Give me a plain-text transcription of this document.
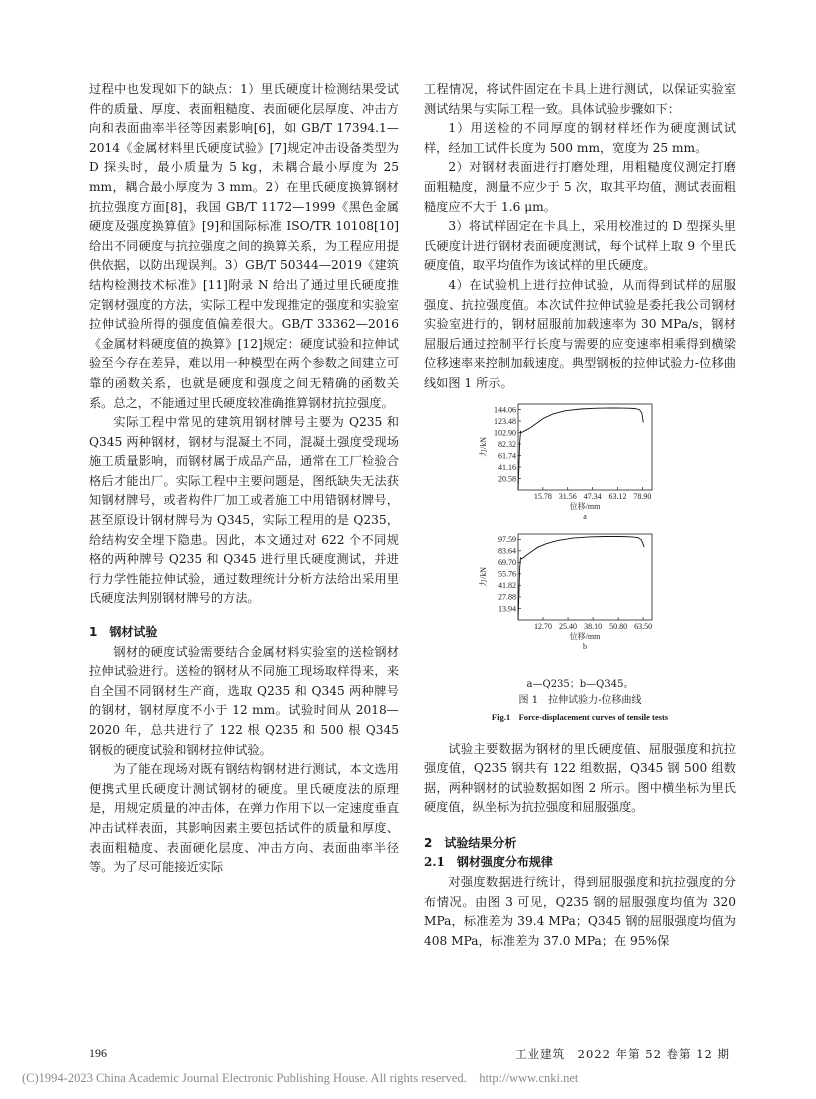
过程中也发现如下的缺点：1）里氏硬度计检测结果受试件的质量、厚度、表面粗糙度、表面硬化层厚度、冲击方向和表面曲率半径等因素影响[6]，如 GB/T 17394.1—2014《金属材料里氏硬度试验》[7]规定冲击设备类型为 D 探头时，最小质量为 5 kg，未耦合最小厚度为 25 mm，耦合最小厚度为 3 mm。2）在里氏硬度换算钢材抗拉强度方面[8]，我国 GB/T 1172—1999《黑色金属硬度及强度换算值》[9]和国际标准 ISO/TR 10108[10]给出不同硬度与抗拉强度之间的换算关系，为工程应用提供依据，以防出现误判。3）GB/T 50344—2019《建筑结构检测技术标准》[11]附录 N 给出了通过里氏硬度推定钢材强度的方法，实际工程中发现推定的强度和实验室拉伸试验所得的强度值偏差很大。GB/T 33362—2016《金属材料硬度值的换算》[12]规定：硬度试验和拉伸试验至今存在差异，难以用一种模型在两个参数之间建立可靠的函数关系，也就是硬度和强度之间无精确的函数关系。总之，不能通过里氏硬度较准确推算钢材抗拉强度。

实际工程中常见的建筑用钢材牌号主要为 Q235 和 Q345 两种钢材，钢材与混凝土不同，混凝土强度受现场施工质量影响，而钢材属于成品产品，通常在工厂检验合格后才能出厂。实际工程中主要问题是，图纸缺失无法获知钢材牌号，或者构件厂加工或者施工中用错钢材牌号，甚至原设计钢材牌号为 Q345，实际工程用的是 Q235，给结构安全埋下隐患。因此，本文通过对 622 个不同规格的两种牌号 Q235 和 Q345 进行里氏硬度测试，并进行力学性能拉伸试验，通过数理统计分析方法给出采用里氏硬度法判别钢材牌号的方法。

1　钢材试验

钢材的硬度试验需要结合金属材料实验室的送检钢材拉伸试验进行。送检的钢材从不同施工现场取样得来，来自全国不同钢材生产商，选取 Q235 和 Q345 两种牌号的钢材，钢材厚度不小于 12 mm。试验时间从 2018—2020 年，总共进行了 122 根 Q235 和 500 根 Q345 钢板的硬度试验和钢材拉伸试验。

为了能在现场对既有钢结构钢材进行测试，本文选用便携式里氏硬度计测试钢材的硬度。里氏硬度法的原理是，用规定质量的冲击体，在弹力作用下以一定速度垂直冲击试样表面，其影响因素主要包括试件的质量和厚度、表面粗糙度、表面硬化层度、冲击方向、表面曲率半径等。为了尽可能接近实际

工程情况，将试件固定在卡具上进行测试，以保证实验室测试结果与实际工程一致。具体试验步骤如下：

1）用送检的不同厚度的钢材样坯作为硬度测试试样，经加工试件长度为 500 mm，宽度为 25 mm。

2）对钢材表面进行打磨处理，用粗糙度仪测定打磨面粗糙度，测量不应少于 5 次，取其平均值，测试表面粗糙度应不大于 1.6 μm。

3）将试样固定在卡具上，采用校准过的 D 型探头里氏硬度计进行钢材表面硬度测试，每个试样上取 9 个里氏硬度值，取平均值作为该试样的里氏硬度。

4）在试验机上进行拉伸试验，从而得到试样的屈服强度、抗拉强度值。本次试件拉伸试验是委托我公司钢材实验室进行的，钢材屈服前加载速率为 30 MPa/s，钢材屈服后通过控制平行长度与需要的应变速率相乘得到横梁位移速率来控制加载速度。典型钢板的拉伸试验力-位移曲线如图 1 所示。

20.58
41.16
61.74
82.32
102.90
123.48
144.06
15.78 31.56 47.34 63.12 78.90
位移/mm
a
力/kN
13.94
27.88
41.82
55.76
69.70
83.64
97.59
12.70 25.40 38.10 50.80 63.50
位移/mm
b
力/kN
a—Q235；b—Q345。
图 1　拉伸试验力-位移曲线
Fig.1　Force-displacement curves of tensile tests

试验主要数据为钢材的里氏硬度值、屈服强度和抗拉强度值，Q235 钢共有 122 组数据，Q345 钢 500 组数据，两种钢材的试验数据如图 2 所示。图中横坐标为里氏硬度值，纵坐标为抗拉强度和屈服强度。

2　试验结果分析

2.1　钢材强度分布规律

对强度数据进行统计，得到屈服强度和抗拉强度的分布情况。由图 3 可见，Q235 钢的屈服强度均值为 320 MPa，标准差为 39.4 MPa；Q345 钢的屈服强度均值为 408 MPa，标准差为 37.0 MPa；在 95%保

196	工业建筑　2022 年第 52 卷第 12 期
(C)1994-2023 China Academic Journal Electronic Publishing House. All rights reserved.　http://www.cnki.net
